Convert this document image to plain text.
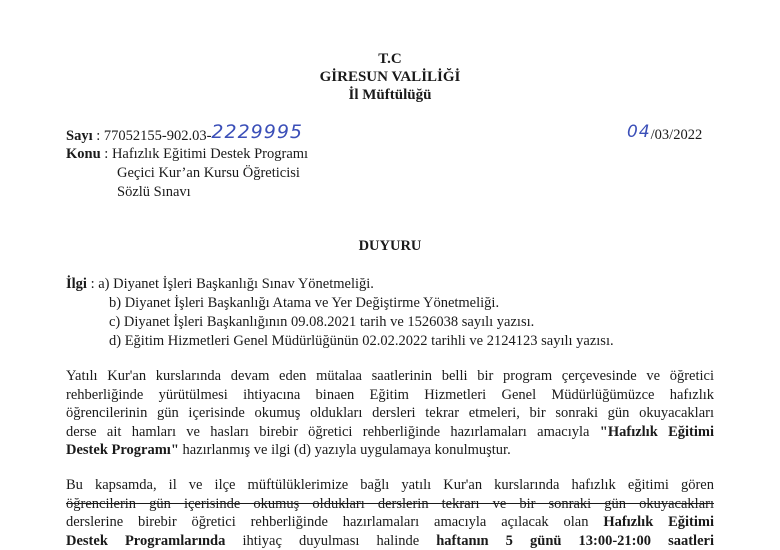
T.C
GİRESUN VALİLİĞİ
İl Müftülüğü
Sayı : 77052155-902.03-2229995	04/03/2022
Konu : Hafızlık Eğitimi Destek Programı
Geçici Kur’an Kursu Öğreticisi
Sözlü Sınavı
DUYURU
İlgi : a) Diyanet İşleri Başkanlığı Sınav Yönetmeliği.
b) Diyanet İşleri Başkanlığı Atama ve Yer Değiştirme Yönetmeliği.
c) Diyanet İşleri Başkanlığının 09.08.2021 tarih ve 1526038 sayılı yazısı.
d) Eğitim Hizmetleri Genel Müdürlüğünün 02.02.2022 tarihli ve 2124123 sayılı yazısı.
Yatılı Kur'an kurslarında devam eden mütalaa saatlerinin belli bir program çerçevesinde ve öğretici
rehberliğinde yürütülmesi ihtiyacına binaen Eğitim Hizmetleri Genel Müdürlüğümüzce hafızlık
öğrencilerinin gün içerisinde okumuş oldukları dersleri tekrar etmeleri, bir sonraki gün okuyacakları
derse ait hamları ve hasları birebir öğretici rehberliğinde hazırlamaları amacıyla "Hafızlık Eğitimi
Destek Programı" hazırlanmış ve ilgi (d) yazıyla uygulamaya konulmuştur.
Bu kapsamda, il ve ilçe müftülüklerimize bağlı yatılı Kur'an kurslarında hafızlık eğitimi gören
öğrencilerin gün içerisinde okumuş oldukları derslerin tekrarı ve bir sonraki gün okuyacakları
derslerine birebir öğretici rehberliğinde hazırlamaları amacıyla açılacak olan Hafızlık Eğitimi
Destek Programlarında ihtiyaç duyulması halinde haftanın 5 günü 13:00-21:00 saatleri
